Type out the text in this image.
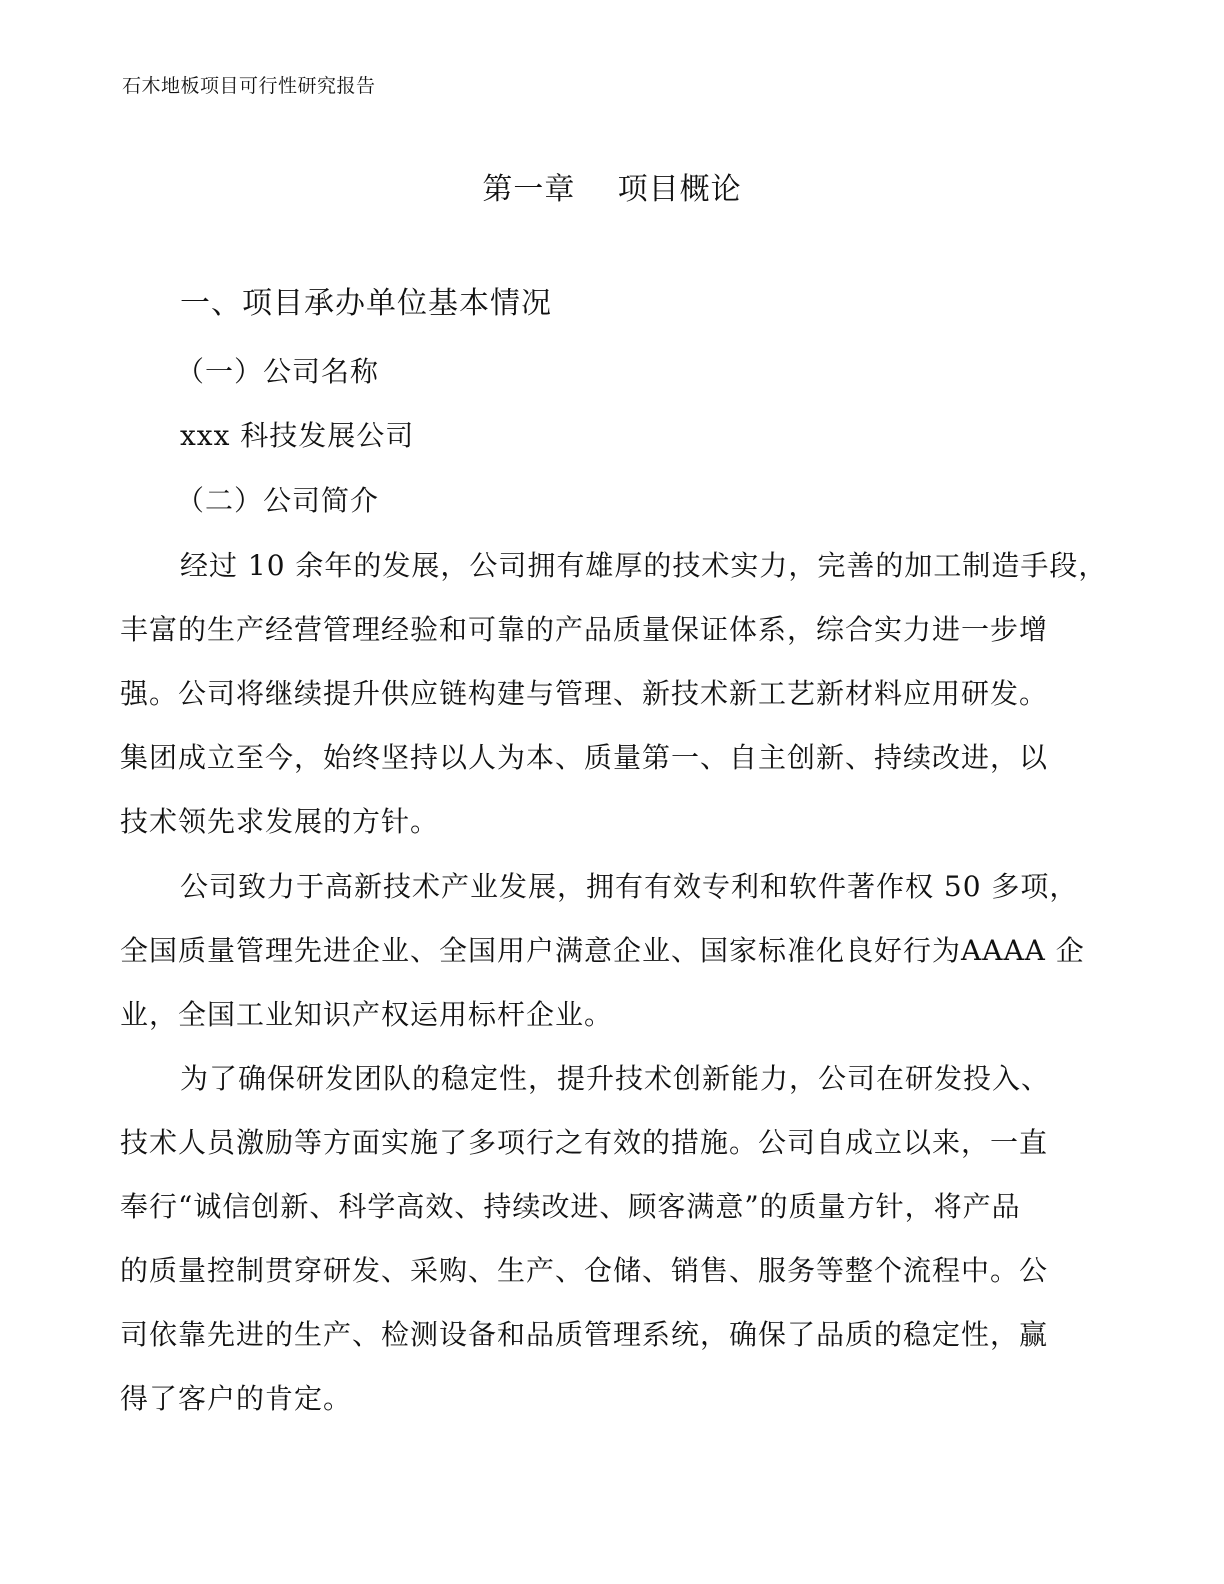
石木地板项目可行性研究报告
第一章    项目概论
一、项目承办单位基本情况
（一）公司名称
xxx 科技发展公司
（二）公司简介
经过 10 余年的发展，公司拥有雄厚的技术实力，完善的加工制造手段，
丰富的生产经营管理经验和可靠的产品质量保证体系，综合实力进一步增
强。公司将继续提升供应链构建与管理、新技术新工艺新材料应用研发。
集团成立至今，始终坚持以人为本、质量第一、自主创新、持续改进，以
技术领先求发展的方针。
公司致力于高新技术产业发展，拥有有效专利和软件著作权 50 多项，
全国质量管理先进企业、全国用户满意企业、国家标准化良好行为AAAA 企
业，全国工业知识产权运用标杆企业。
为了确保研发团队的稳定性，提升技术创新能力，公司在研发投入、
技术人员激励等方面实施了多项行之有效的措施。公司自成立以来，一直
奉行“诚信创新、科学高效、持续改进、顾客满意”的质量方针，将产品
的质量控制贯穿研发、采购、生产、仓储、销售、服务等整个流程中。公
司依靠先进的生产、检测设备和品质管理系统，确保了品质的稳定性，赢
得了客户的肯定。
